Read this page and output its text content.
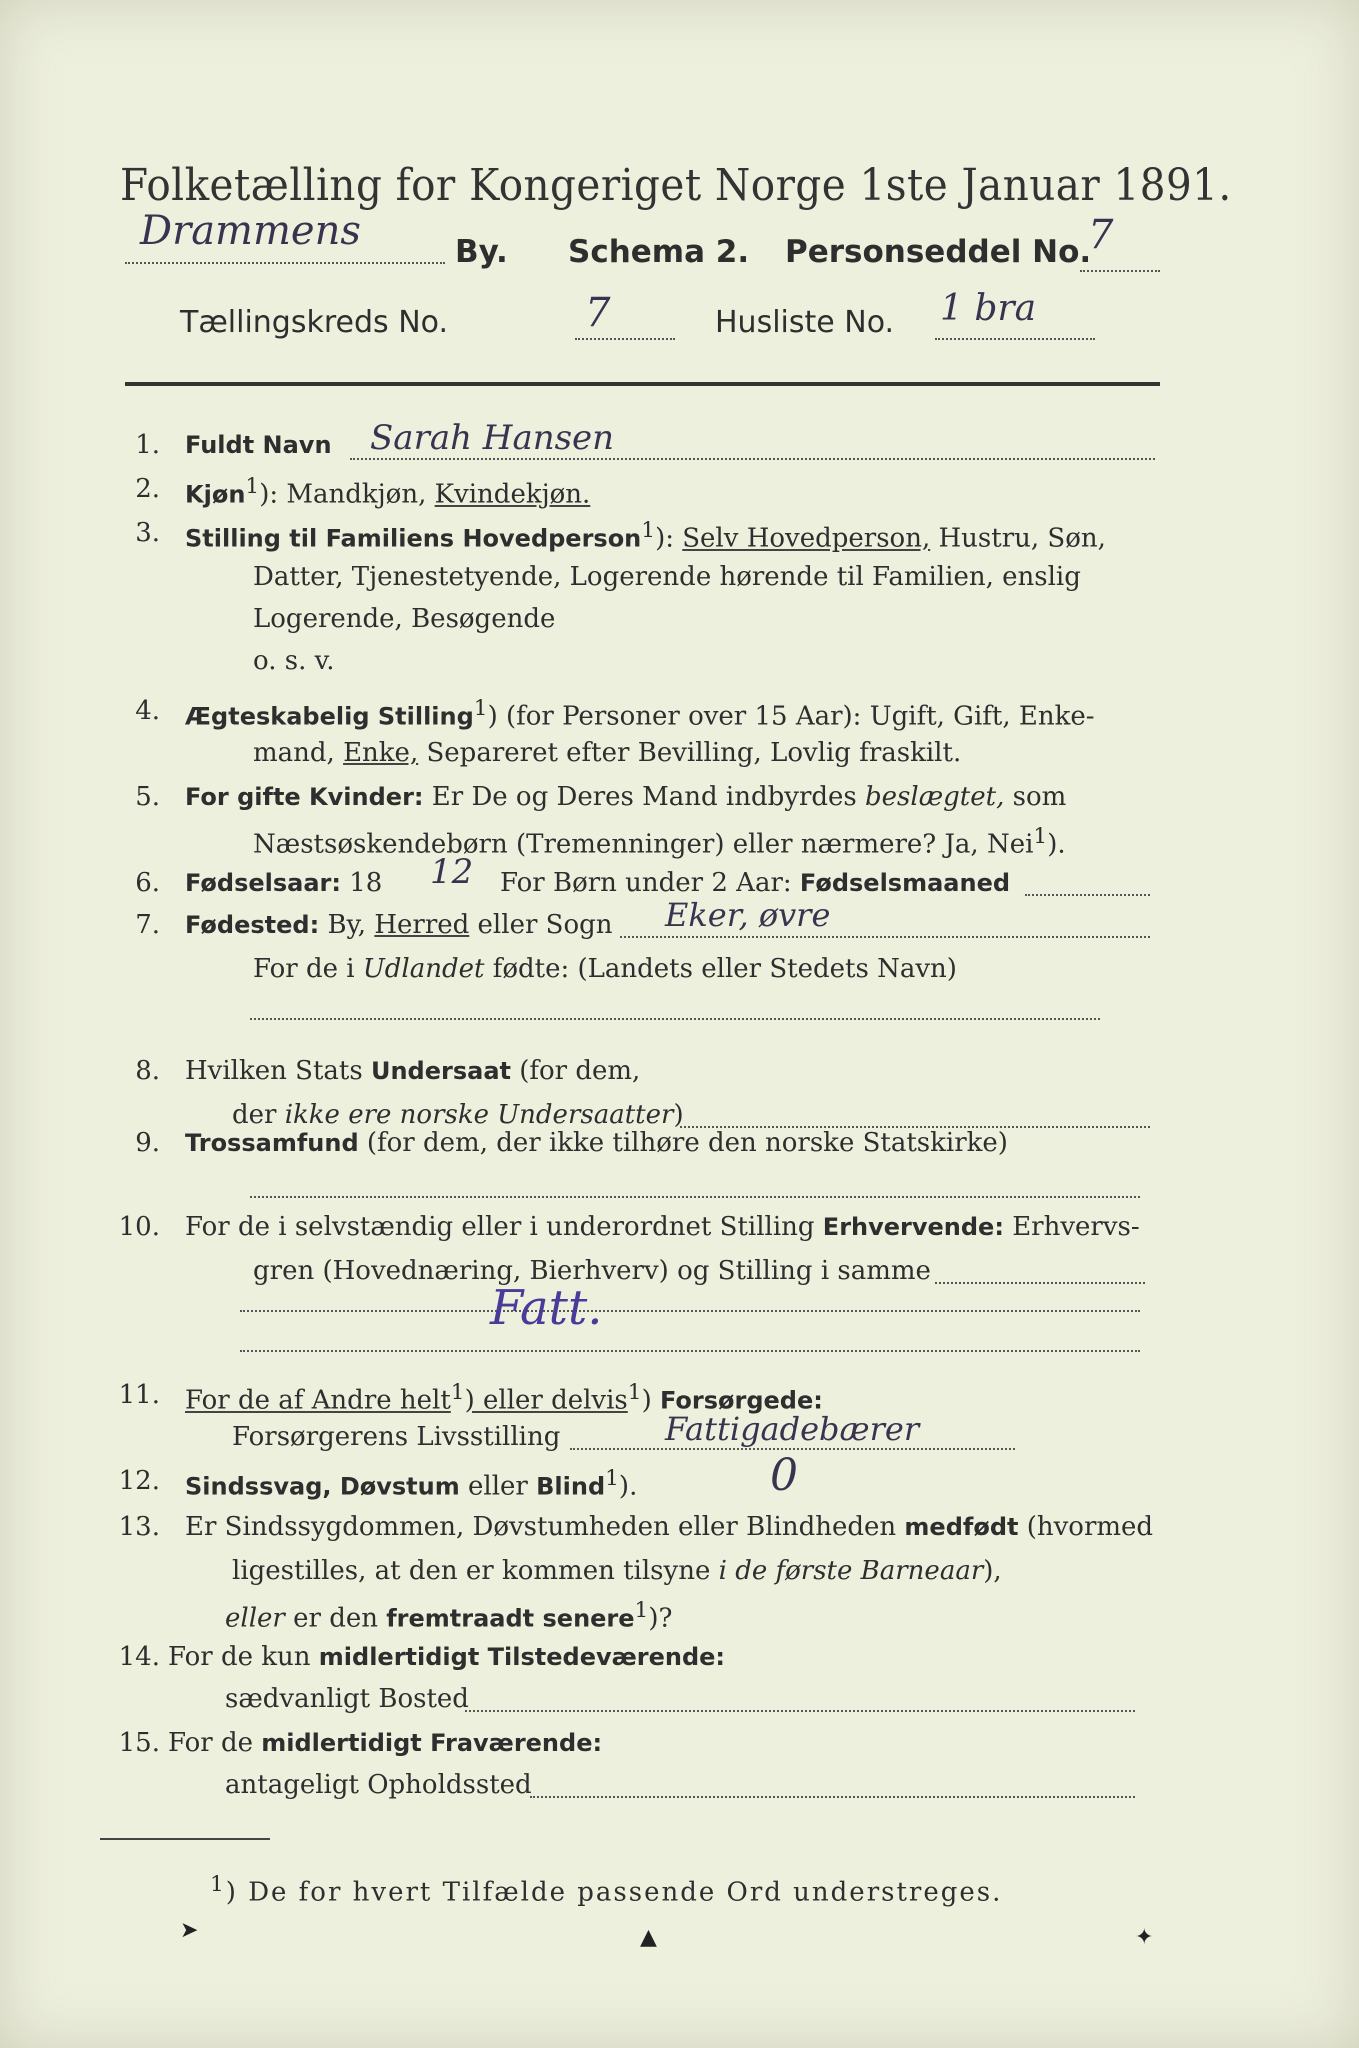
Folketælling for Kongeriget Norge 1ste Januar 1891.
Drammens	By. Schema 2. Personseddel No.
7
Tællingskreds No.	7	Husliste No. 1 bra
1. Fuldt Navn Sarah Hansen
2. Kjøn$^1$): Mandkjøn, Kvindekjøn.
3. Stilling til Familiens Hovedperson$^1$): Selv Hovedperson, Hustru, Søn,
Datter, Tjenestetyende, Logerende hørende til Familien, enslig
Logerende, Besøgende
o. s. v.
4. Ægteskabelig Stilling$^1$) (for Personer over 15 Aar): Ugift, Gift, Enke-
mand, Enke, Separeret efter Bevilling, Lovlig fraskilt.
5. For gifte Kvinder: Er De og Deres Mand indbyrdes beslægtet, som
Næstsøskendebørn (Tremenninger) eller nærmere? Ja, Nei$^1$).
6. Fødselsaar: 18 12 For Børn under 2 Aar: Fødselsmaaned
7. Fødested: By, Herred eller Sogn Eker, øvre
For de i Udlandet fødte: (Landets eller Stedets Navn)
8. Hvilken Stats Undersaat (for dem,
der ikke ere norske Undersaatter)
9. Trossamfund (for dem, der ikke tilhøre den norske Statskirke)
10. For de i selvstændig eller i underordnet Stilling Erhvervende: Erhvervs-
gren (Hovednæring, Bierhverv) og Stilling i samme
Fatt.
11. For de af Andre helt$^1$) eller delvis$^1$) Forsørgede:
Forsørgerens Livsstilling	Fattigadebærer
12. Sindssvag, Døvstum eller Blind$^1$).	0
13. Er Sindssygdommen, Døvstumheden eller Blindheden medfødt (hvormed
ligestilles, at den er kommen tilsyne i de første Barneaar),
eller er den fremtraadt senere$^1$)?
14. For de kun midlertidigt Tilstedeværende:
sædvanligt Bosted
15. For de midlertidigt Fraværende:
antageligt Opholdssted
$^1$) De for hvert Tilfælde passende Ord understreges.
➤	▲	✦
